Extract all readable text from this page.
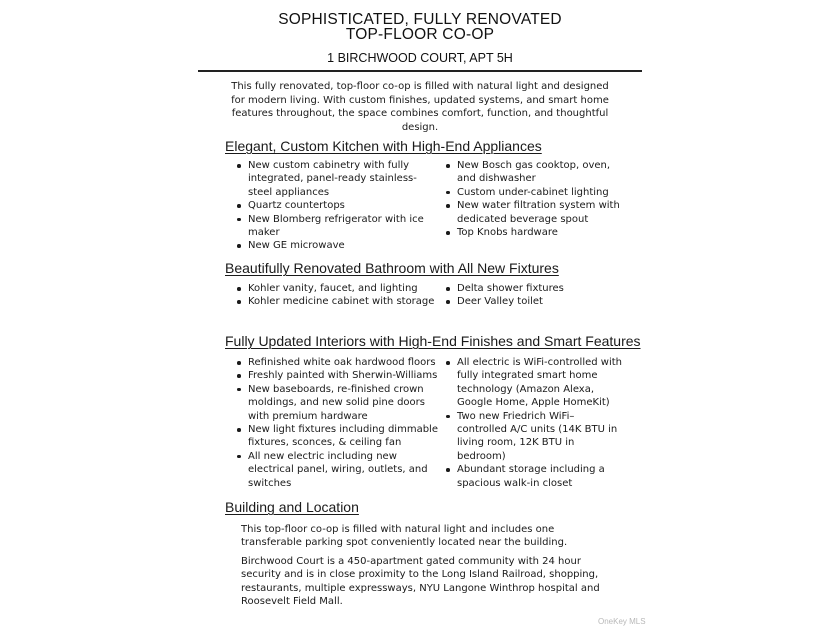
SOPHISTICATED, FULLY RENOVATED
TOP-FLOOR CO-OP
1 BIRCHWOOD COURT, APT 5H

This fully renovated, top-floor co-op is filled with natural light and designed for modern living. With custom finishes, updated systems, and smart home features throughout, the space combines comfort, function, and thoughtful design.

Elegant, Custom Kitchen with High-End Appliances
New custom cabinetry with fully integrated, panel-ready stainless-steel appliances
Quartz countertops
New Blomberg refrigerator with ice maker
New GE microwave
New Bosch gas cooktop, oven, and dishwasher
Custom under-cabinet lighting
New water filtration system with dedicated beverage spout
Top Knobs hardware
Beautifully Renovated Bathroom with All New Fixtures
Kohler vanity, faucet, and lighting
Kohler medicine cabinet with storage
Delta shower fixtures
Deer Valley toilet
Fully Updated Interiors with High-End Finishes and Smart Features
Refinished white oak hardwood floors
Freshly painted with Sherwin-Williams
New baseboards, re-finished crown moldings, and new solid pine doors with premium hardware
New light fixtures including dimmable fixtures, sconces, & ceiling fan
All new electric including new electrical panel, wiring, outlets, and switches
All electric is WiFi-controlled with fully integrated smart home technology (Amazon Alexa, Google Home, Apple HomeKit)
Two new Friedrich WiFi–controlled A/C units (14K BTU in living room, 12K BTU in bedroom)
Abundant storage including a spacious walk-in closet
Building and Location

This top-floor co-op is filled with natural light and includes one transferable parking spot conveniently located near the building.

Birchwood Court is a 450-apartment gated community with 24 hour security and is in close proximity to the Long Island Railroad, shopping, restaurants, multiple expressways, NYU Langone Winthrop hospital and Roosevelt Field Mall.

OneKey MLS
